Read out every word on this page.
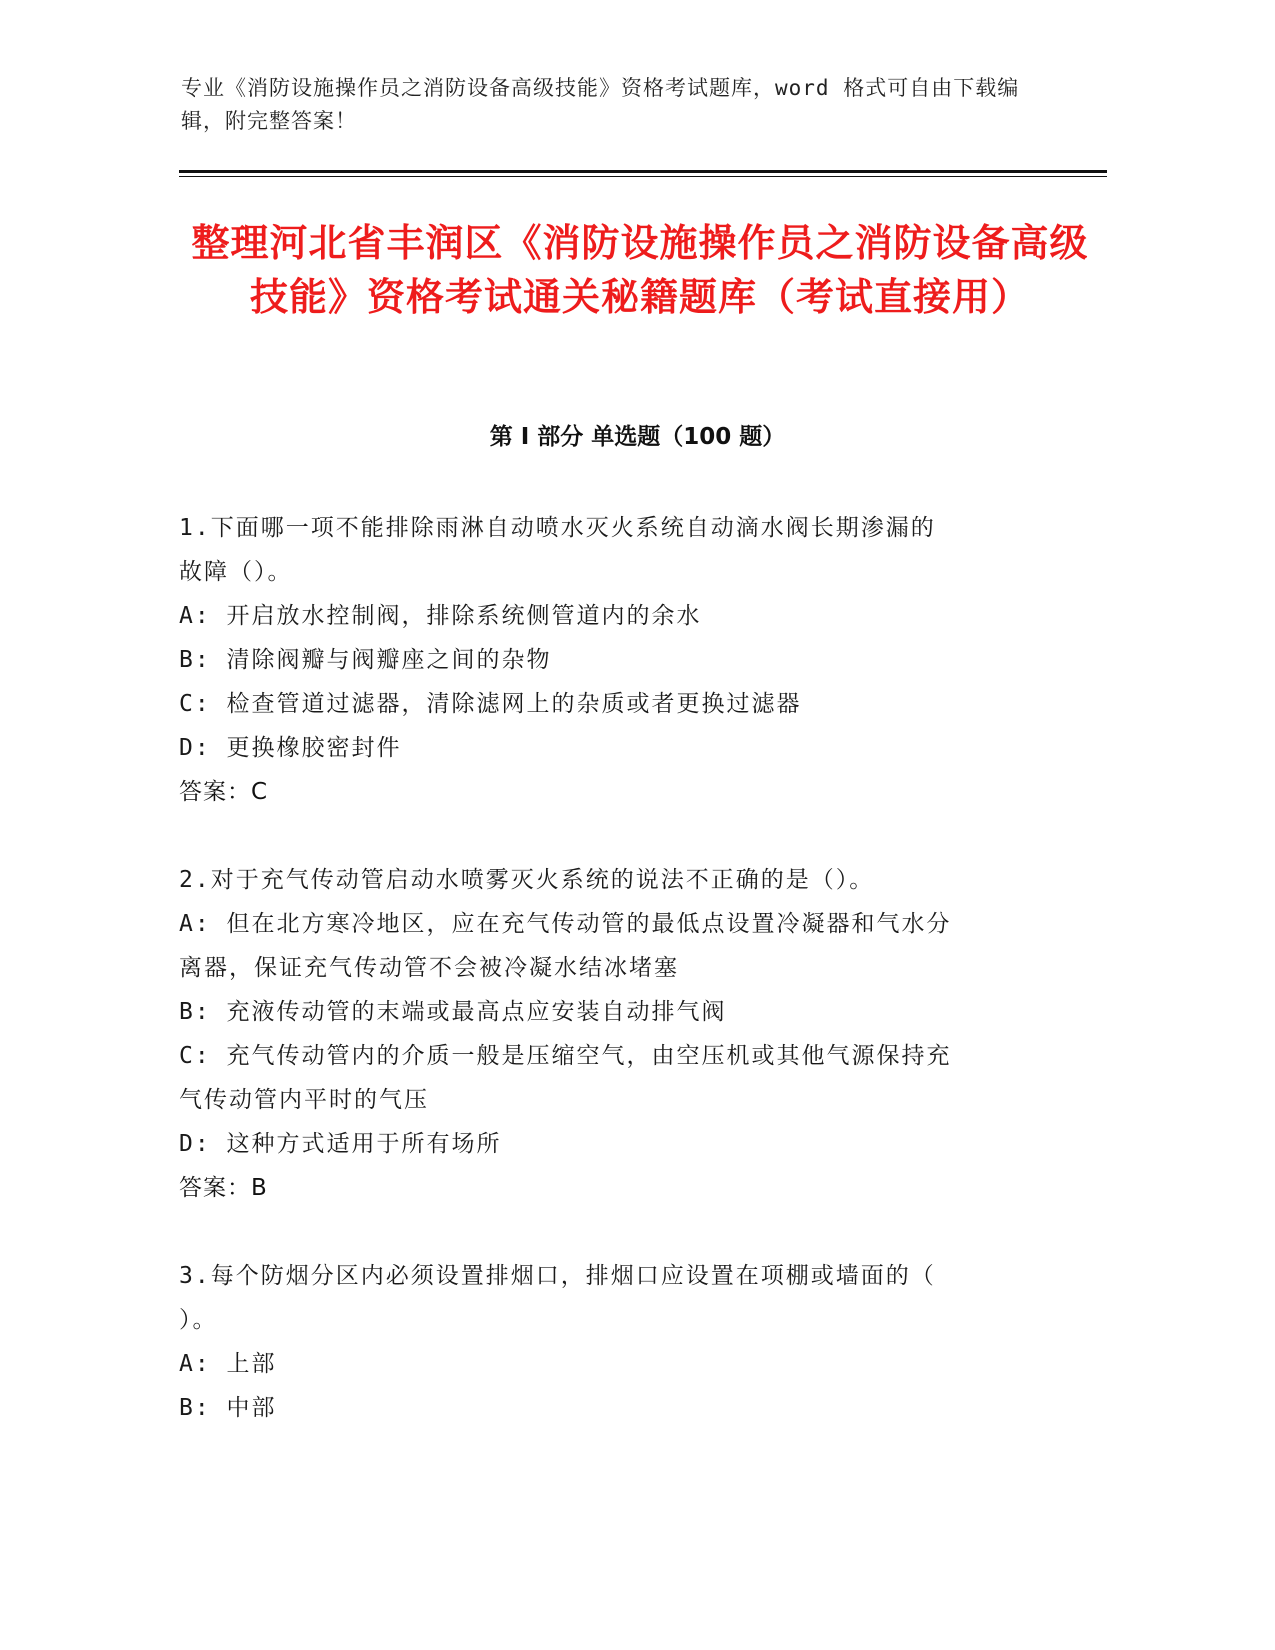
专业《消防设施操作员之消防设备高级技能》资格考试题库，word 格式可自由下载编辑，附完整答案！
整理河北省丰润区《消防设施操作员之消防设备高级技能》资格考试通关秘籍题库（考试直接用）
第 I 部分 单选题（100 题）
1.下面哪一项不能排除雨淋自动喷水灭火系统自动滴水阀长期渗漏的
故障（）。
A: 开启放水控制阀，排除系统侧管道内的余水
B: 清除阀瓣与阀瓣座之间的杂物
C: 检查管道过滤器，清除滤网上的杂质或者更换过滤器
D: 更换橡胶密封件
答案：C
2.对于充气传动管启动水喷雾灭火系统的说法不正确的是（）。
A: 但在北方寒冷地区，应在充气传动管的最低点设置冷凝器和气水分
离器，保证充气传动管不会被冷凝水结冰堵塞
B: 充液传动管的末端或最高点应安装自动排气阀
C: 充气传动管内的介质一般是压缩空气，由空压机或其他气源保持充
气传动管内平时的气压
D: 这种方式适用于所有场所
答案：B
3.每个防烟分区内必须设置排烟口，排烟口应设置在项棚或墙面的（
）。
A: 上部
B: 中部
